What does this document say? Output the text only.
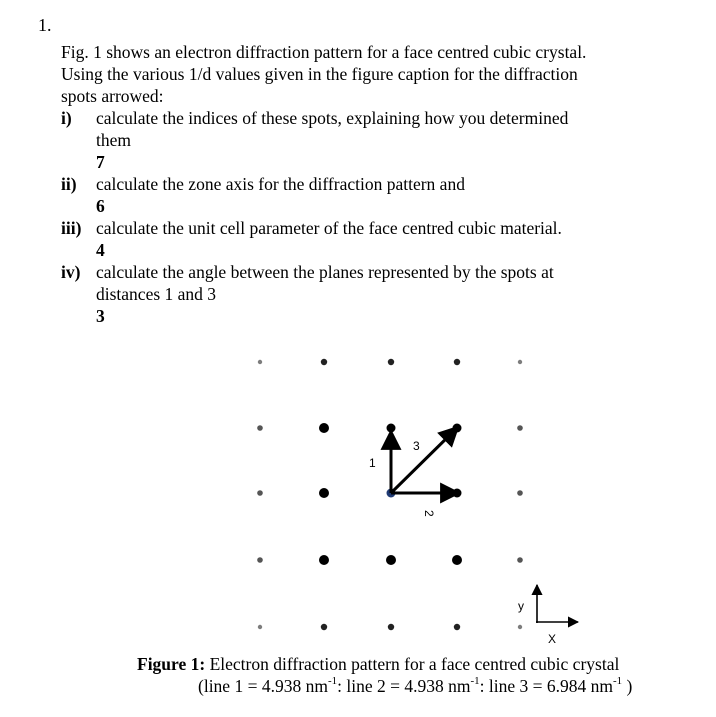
1.
Fig. 1 shows an electron diffraction pattern for a face centred cubic crystal.
Using the various 1/d values given in the figure caption for the diffraction
spots arrowed:
i) calculate the indices of these spots, explaining how you determined
them
7
ii) calculate the zone axis for the diffraction pattern and
6
iii) calculate the unit cell parameter of the face centred cubic material.
4
iv) calculate the angle between the planes represented by the spots at
distances 1 and 3
3
1
2
3
y
X
Figure 1: Electron diffraction pattern for a face centred cubic crystal
(line 1 = 4.938 $nm^{-1}$: line 2 = 4.938 $nm^{-1}$: line 3 = 6.984 $nm^{-1}$ )
